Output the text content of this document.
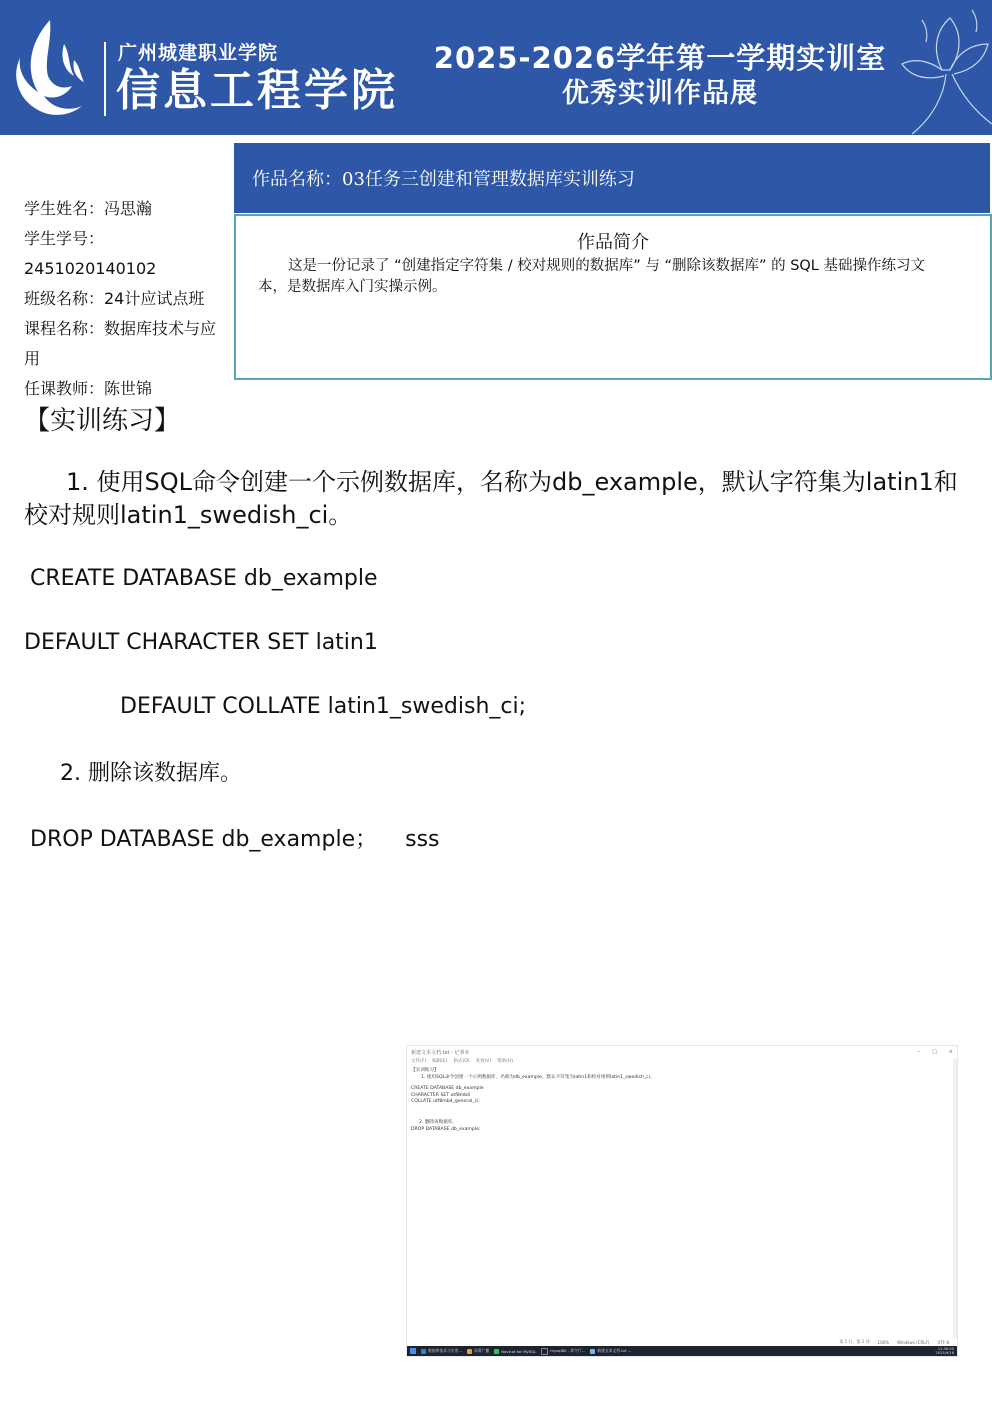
广州城建职业学院
信息工程学院
2025-2026学年第一学期实训室
优秀实训作品展
作品名称：03任务三创建和管理数据库实训练习
作品简介
这是一份记录了 “创建指定字符集 / 校对规则的数据库” 与 “删除该数据库” 的 SQL 基础操作练习文本，是数据库入门实操示例。
学生姓名：冯思瀚
学生学号：2451020140102
班级名称：24计应试点班
课程名称：数据库技术与应用
任课教师：陈世锦
【实训练习】
1. 使用SQL命令创建一个示例数据库，名称为db_example，默认字符集为latin1和校对规则latin1_swedish_ci。
CREATE DATABASE db_example
DEFAULT CHARACTER SET latin1
DEFAULT COLLATE latin1_swedish_ci;
2. 删除该数据库。
DROP DATABASE db_example； sss
新建文本文档.txt - 记事本	– □ ×
文件(F) 编辑(E) 格式(O) 查看(V) 帮助(H)
【实训练习】
1. 使用SQL命令创建一个示例数据库，名称为db_example，默认字符集为latin1和校对规则latin1_swedish_ci。
CREATE DATABASE db_example
CHARACTER SET utf8mb4
COLLATE utf8mb4_general_ci;
2. 删除该数据库。
DROP DATABASE db_example;
第 1 行，第 1 列 100% Windows (CRLF) UTF-8
数据库技术与应用...	屏幕广播	Navicat for MySQL	mysql80 - 命令行...	新建文本文档.txt ...	11:30:00
2025/9/18
